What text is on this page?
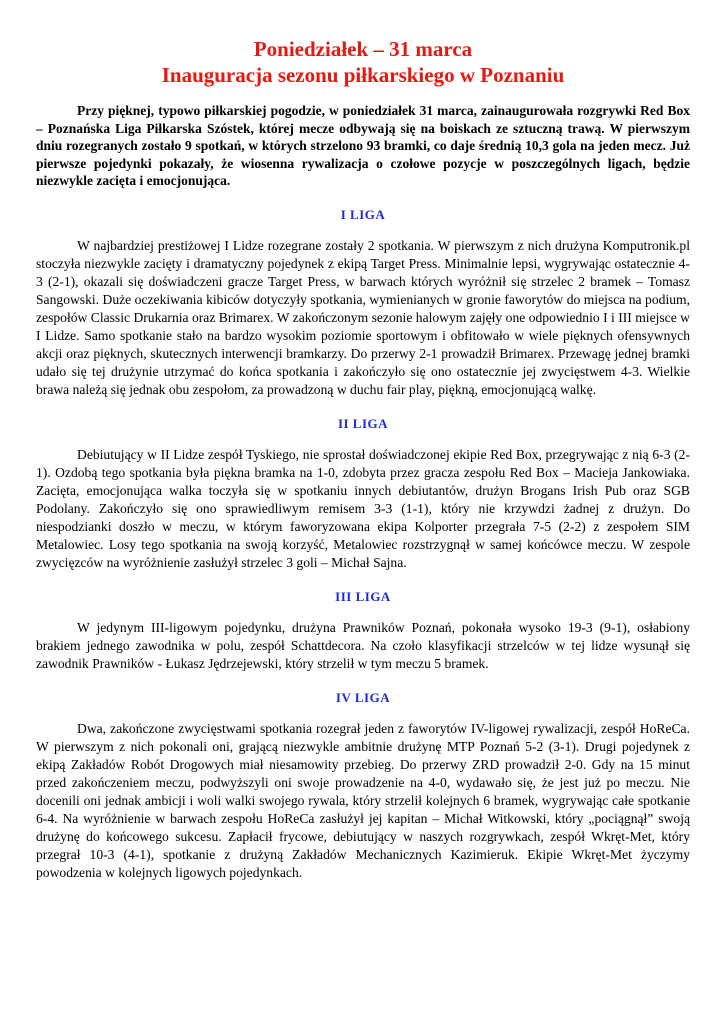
Poniedziałek – 31 marca
Inauguracja sezonu piłkarskiego w Poznaniu

Przy pięknej, typowo piłkarskiej pogodzie, w poniedziałek 31 marca, zainaugurowała rozgrywki Red Box – Poznańska Liga Piłkarska Szóstek, której mecze odbywają się na boiskach ze sztuczną trawą. W pierwszym dniu rozegranych zostało 9 spotkań, w których strzelono 93 bramki, co daje średnią 10,3 gola na jeden mecz. Już pierwsze pojedynki pokazały, że wiosenna rywalizacja o czołowe pozycje w poszczególnych ligach, będzie niezwykle zacięta i emocjonująca.

I LIGA

W najbardziej prestiżowej I Lidze rozegrane zostały 2 spotkania. W pierwszym z nich drużyna Komputronik.pl stoczyła niezwykle zacięty i dramatyczny pojedynek z ekipą Target Press. Minimalnie lepsi, wygrywając ostatecznie 4-3 (2-1), okazali się doświadczeni gracze Target Press, w barwach których wyróżnił się strzelec 2 bramek – Tomasz Sangowski. Duże oczekiwania kibiców dotyczyły spotkania, wymienianych w gronie faworytów do miejsca na podium, zespołów Classic Drukarnia oraz Brimarex. W zakończonym sezonie halowym zajęły one odpowiednio I i III miejsce w I Lidze. Samo spotkanie stało na bardzo wysokim poziomie sportowym i obfitowało w wiele pięknych ofensywnych akcji oraz pięknych, skutecznych interwencji bramkarzy. Do przerwy 2-1 prowadził Brimarex. Przewagę jednej bramki udało się tej drużynie utrzymać do końca spotkania i zakończyło się ono ostatecznie jej zwycięstwem 4-3. Wielkie brawa należą się jednak obu zespołom, za prowadzoną w duchu fair play, piękną, emocjonującą walkę.

II LIGA

Debiutujący w II Lidze zespół Tyskiego, nie sprostał doświadczonej ekipie Red Box, przegrywając z nią 6-3 (2-1). Ozdobą tego spotkania była piękna bramka na 1-0, zdobyta przez gracza zespołu Red Box – Macieja Jankowiaka. Zacięta, emocjonująca walka toczyła się w spotkaniu innych debiutantów, drużyn Brogans Irish Pub oraz SGB Podolany. Zakończyło się ono sprawiedliwym remisem 3-3 (1-1), który nie krzywdzi żadnej z drużyn. Do niespodzianki doszło w meczu, w którym faworyzowana ekipa Kolporter przegrała 7-5 (2-2) z zespołem SIM Metalowiec. Losy tego spotkania na swoją korzyść, Metalowiec rozstrzygnął w samej końcówce meczu. W zespole zwycięzców na wyróżnienie zasłużył strzelec 3 goli – Michał Sajna.

III LIGA

W jedynym III-ligowym pojedynku, drużyna Prawników Poznań, pokonała wysoko 19-3 (9-1), osłabiony brakiem jednego zawodnika w polu, zespół Schattdecora. Na czoło klasyfikacji strzelców w tej lidze wysunął się zawodnik Prawników - Łukasz Jędrzejewski, który strzelił w tym meczu 5 bramek.

IV LIGA

Dwa, zakończone zwycięstwami spotkania rozegrał jeden z faworytów IV-ligowej rywalizacji, zespół HoReCa. W pierwszym z nich pokonali oni, grającą niezwykle ambitnie drużynę MTP Poznań 5-2 (3-1). Drugi pojedynek z ekipą Zakładów Robót Drogowych miał niesamowity przebieg. Do przerwy ZRD prowadził 2-0. Gdy na 15 minut przed zakończeniem meczu, podwyższyli oni swoje prowadzenie na 4-0, wydawało się, że jest już po meczu. Nie docenili oni jednak ambicji i woli walki swojego rywala, który strzelił kolejnych 6 bramek, wygrywając całe spotkanie 6-4. Na wyróżnienie w barwach zespołu HoReCa zasłużył jej kapitan – Michał Witkowski, który „pociągnął” swoją drużynę do końcowego sukcesu. Zapłacił frycowe, debiutujący w naszych rozgrywkach, zespół Wkręt-Met, który przegrał 10-3 (4-1), spotkanie z drużyną Zakładów Mechanicznych Kazimieruk. Ekipie Wkręt-Met życzymy powodzenia w kolejnych ligowych pojedynkach.
